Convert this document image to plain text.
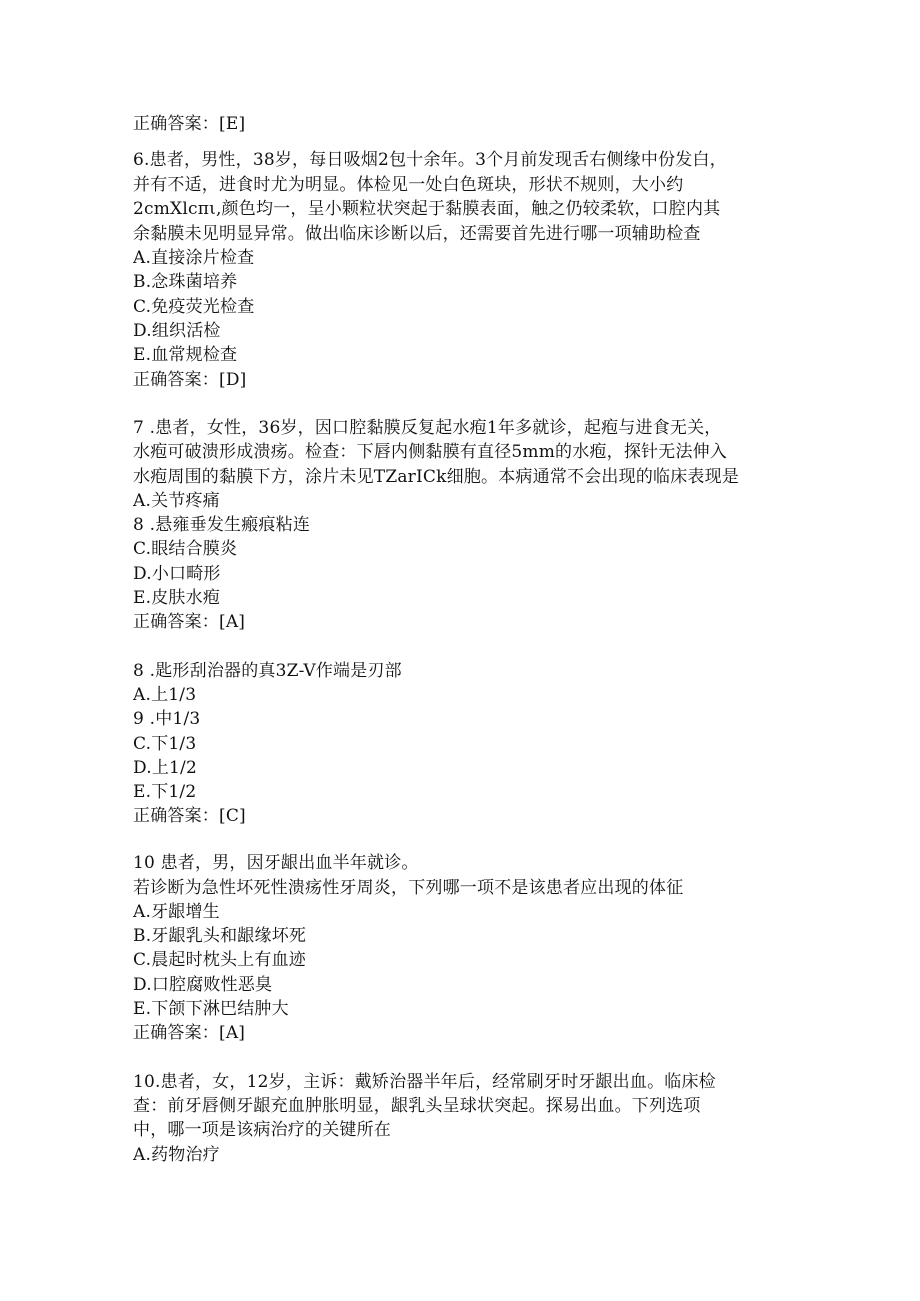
正确答案：[E]
6.患者，男性，38岁，每日吸烟2包十余年。3个月前发现舌右侧缘中份发白，
并有不适，进食时尤为明显。体检见一处白色斑块，形状不规则，大小约
2cmXlcπι,颜色均一，呈小颗粒状突起于黏膜表面，触之仍较柔软，口腔内其
余黏膜未见明显异常。做出临床诊断以后，还需要首先进行哪一项辅助检查
A.直接涂片检查
B.念珠菌培养
C.免疫荧光检查
D.组织活检
E.血常规检查
正确答案：[D]
7 .患者，女性，36岁，因口腔黏膜反复起水疱1年多就诊，起疱与进食无关，
水疱可破溃形成溃疡。检查：下唇内侧黏膜有直径5mm的水疱，探针无法伸入
水疱周围的黏膜下方，涂片未见TZarICk细胞。本病通常不会出现的临床表现是
A.关节疼痛
8 .悬雍垂发生瘢痕粘连
C.眼结合膜炎
D.小口畸形
E.皮肤水疱
正确答案：[A]
8 .匙形刮治器的真3Z-V作端是刃部
A.上1/3
9 .中1/3
C.下1/3
D.上1/2
E.下1/2
正确答案：[C]
10 患者，男，因牙龈出血半年就诊。
若诊断为急性坏死性溃疡性牙周炎，下列哪一项不是该患者应出现的体征
A.牙龈增生
B.牙龈乳头和龈缘坏死
C.晨起时枕头上有血迹
D.口腔腐败性恶臭
E.下颌下淋巴结肿大
正确答案：[A]
10.患者，女，12岁，主诉：戴矫治器半年后，经常刷牙时牙龈出血。临床检
查：前牙唇侧牙龈充血肿胀明显，龈乳头呈球状突起。探易出血。下列选项
中，哪一项是该病治疗的关键所在
A.药物治疗
